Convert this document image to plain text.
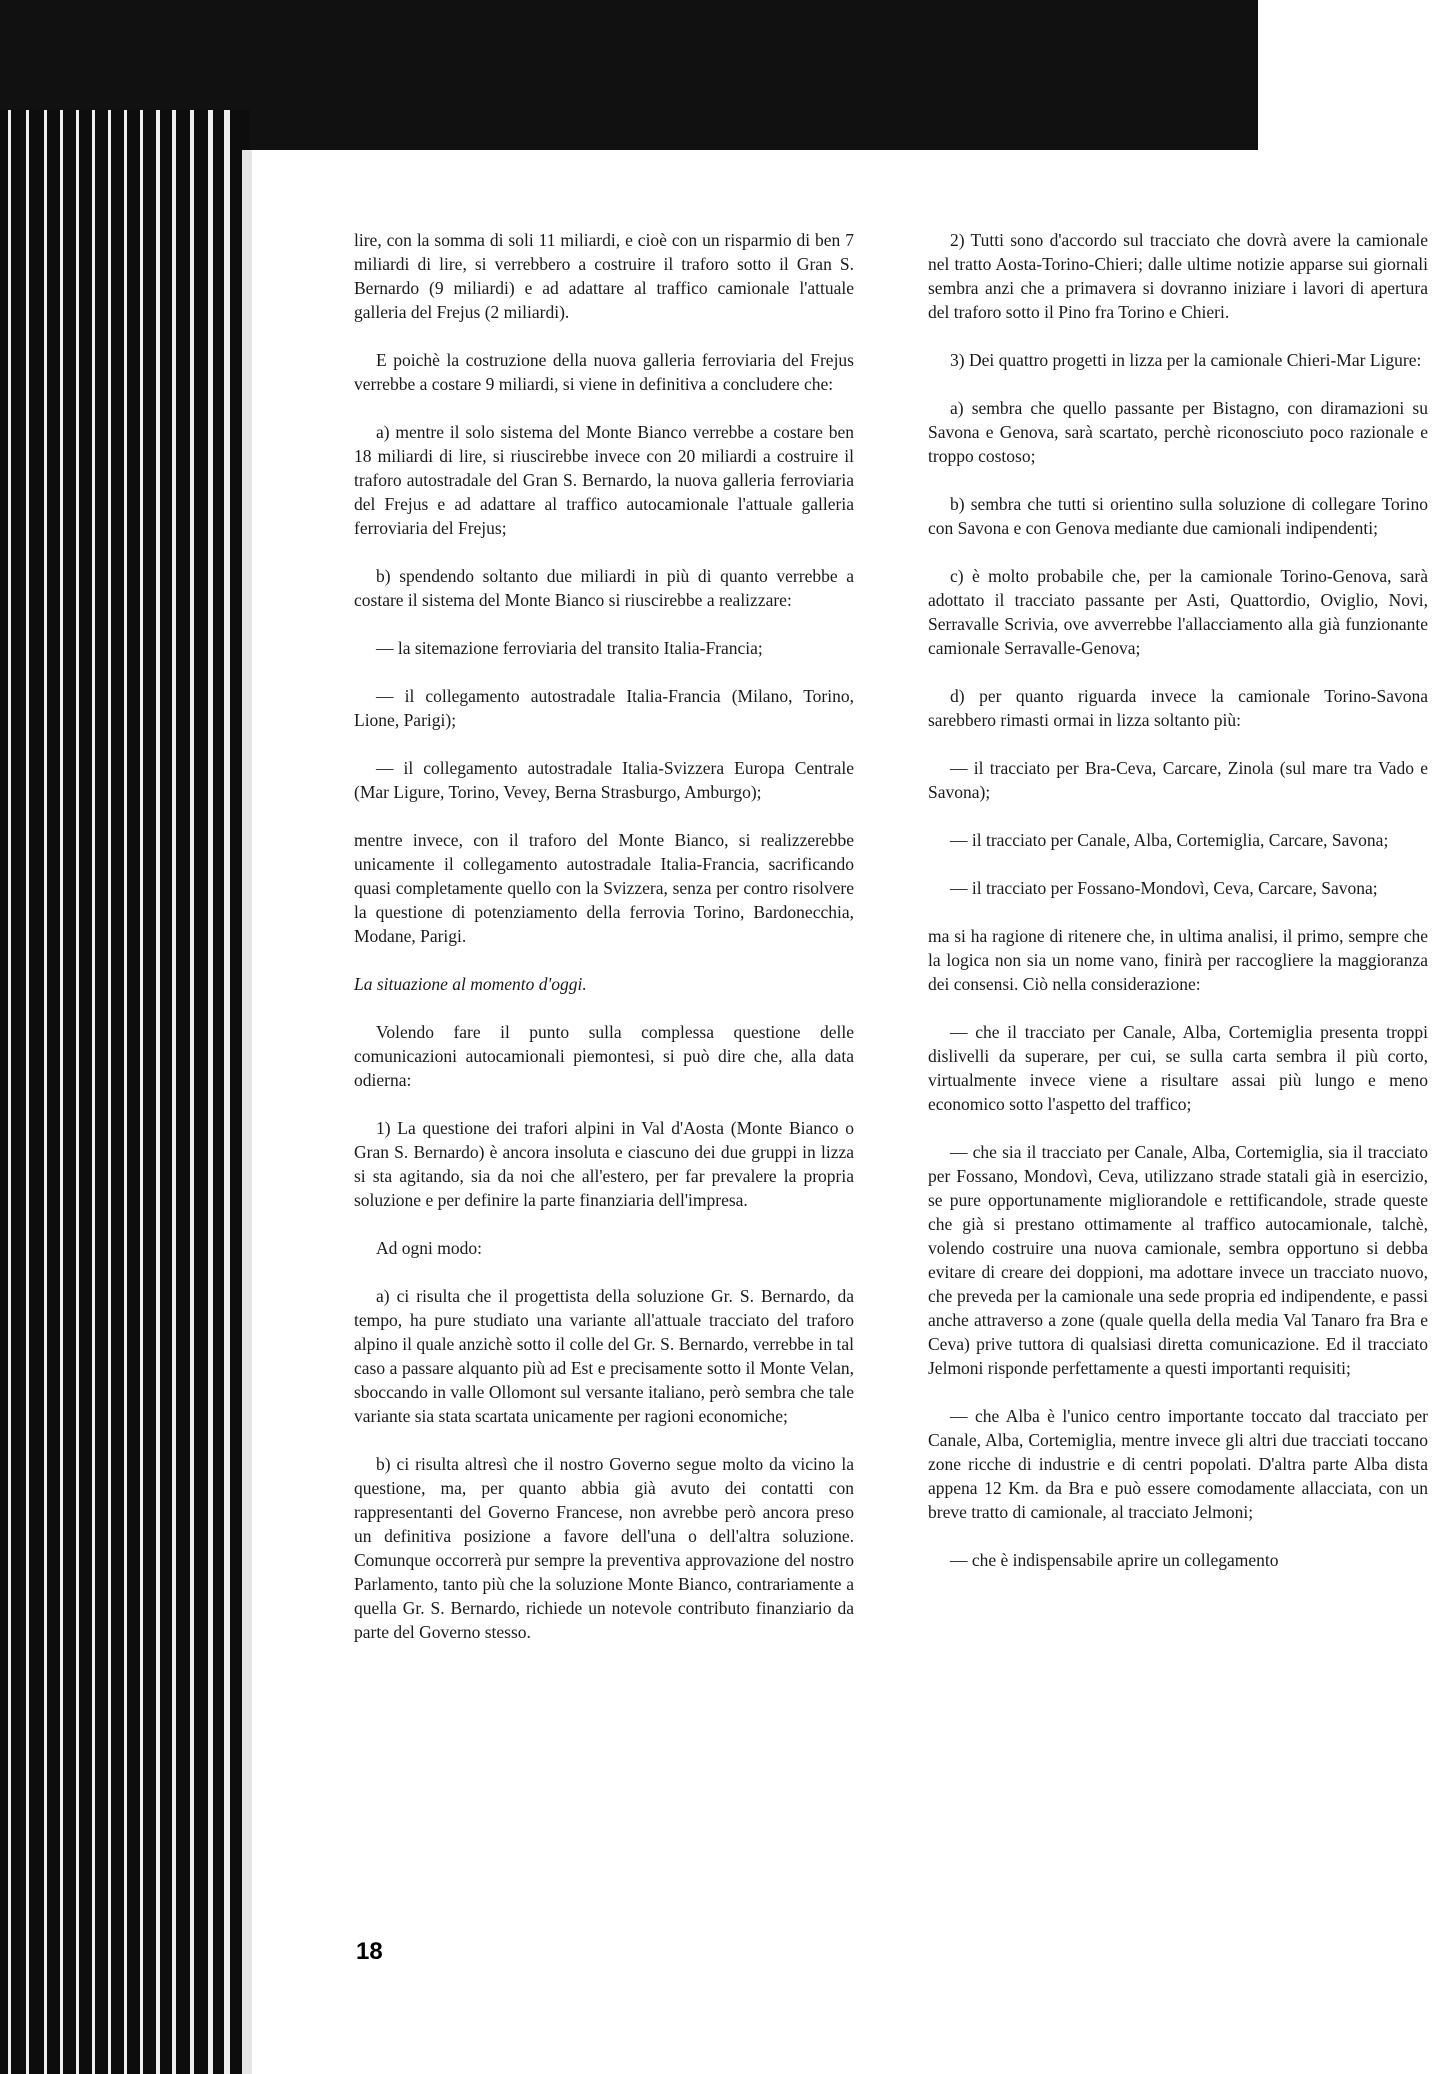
lire, con la somma di soli 11 miliardi, e cioè con un risparmio di ben 7 miliardi di lire, si verrebbero a costruire il traforo sotto il Gran S. Bernardo (9 miliardi) e ad adattare al traffico camionale l'attuale galleria del Frejus (2 miliardi).

E poichè la costruzione della nuova galleria ferroviaria del Frejus verrebbe a costare 9 miliardi, si viene in definitiva a concludere che:

a) mentre il solo sistema del Monte Bianco verrebbe a costare ben 18 miliardi di lire, si riuscirebbe invece con 20 miliardi a costruire il traforo autostradale del Gran S. Bernardo, la nuova galleria ferroviaria del Frejus e ad adattare al traffico autocamionale l'attuale galleria ferroviaria del Frejus;

b) spendendo soltanto due miliardi in più di quanto verrebbe a costare il sistema del Monte Bianco si riuscirebbe a realizzare:

— la sitemazione ferroviaria del transito Italia-Francia;

— il collegamento autostradale Italia-Francia (Milano, Torino, Lione, Parigi);

— il collegamento autostradale Italia-Svizzera Europa Centrale (Mar Ligure, Torino, Vevey, Berna Strasburgo, Amburgo);

mentre invece, con il traforo del Monte Bianco, si realizzerebbe unicamente il collegamento autostradale Italia-Francia, sacrificando quasi completamente quello con la Svizzera, senza per contro risolvere la questione di potenziamento della ferrovia Torino, Bardonecchia, Modane, Parigi.

La situazione al momento d'oggi.

Volendo fare il punto sulla complessa questione delle comunicazioni autocamionali piemontesi, si può dire che, alla data odierna:

1) La questione dei trafori alpini in Val d'Aosta (Monte Bianco o Gran S. Bernardo) è ancora insoluta e ciascuno dei due gruppi in lizza si sta agitando, sia da noi che all'estero, per far prevalere la propria soluzione e per definire la parte finanziaria dell'impresa.

Ad ogni modo:

a) ci risulta che il progettista della soluzione Gr. S. Bernardo, da tempo, ha pure studiato una variante all'attuale tracciato del traforo alpino il quale anzichè sotto il colle del Gr. S. Bernardo, verrebbe in tal caso a passare alquanto più ad Est e precisamente sotto il Monte Velan, sboccando in valle Ollomont sul versante italiano, però sembra che tale variante sia stata scartata unicamente per ragioni economiche;

b) ci risulta altresì che il nostro Governo segue molto da vicino la questione, ma, per quanto abbia già avuto dei contatti con rappresentanti del Governo Francese, non avrebbe però ancora preso un definitiva posizione a favore dell'una o dell'altra soluzione. Comunque occorrerà pur sempre la preventiva approvazione del nostro Parlamento, tanto più che la soluzione Monte Bianco, contrariamente a quella Gr. S. Bernardo, richiede un notevole contributo finanziario da parte del Governo stesso.

2) Tutti sono d'accordo sul tracciato che dovrà avere la camionale nel tratto Aosta-Torino-Chieri; dalle ultime notizie apparse sui giornali sembra anzi che a primavera si dovranno iniziare i lavori di apertura del traforo sotto il Pino fra Torino e Chieri.

3) Dei quattro progetti in lizza per la camionale Chieri-Mar Ligure:

a) sembra che quello passante per Bistagno, con diramazioni su Savona e Genova, sarà scartato, perchè riconosciuto poco razionale e troppo costoso;

b) sembra che tutti si orientino sulla soluzione di collegare Torino con Savona e con Genova mediante due camionali indipendenti;

c) è molto probabile che, per la camionale Torino-Genova, sarà adottato il tracciato passante per Asti, Quattordio, Oviglio, Novi, Serravalle Scrivia, ove avverrebbe l'allacciamento alla già funzionante camionale Serravalle-Genova;

d) per quanto riguarda invece la camionale Torino-Savona sarebbero rimasti ormai in lizza soltanto più:

— il tracciato per Bra-Ceva, Carcare, Zinola (sul mare tra Vado e Savona);

— il tracciato per Canale, Alba, Cortemiglia, Carcare, Savona;

— il tracciato per Fossano-Mondovì, Ceva, Carcare, Savona;

ma si ha ragione di ritenere che, in ultima analisi, il primo, sempre che la logica non sia un nome vano, finirà per raccogliere la maggioranza dei consensi. Ciò nella considerazione:

— che il tracciato per Canale, Alba, Cortemiglia presenta troppi dislivelli da superare, per cui, se sulla carta sembra il più corto, virtualmente invece viene a risultare assai più lungo e meno economico sotto l'aspetto del traffico;

— che sia il tracciato per Canale, Alba, Cortemiglia, sia il tracciato per Fossano, Mondovì, Ceva, utilizzano strade statali già in esercizio, se pure opportunamente migliorandole e rettificandole, strade queste che già si prestano ottimamente al traffico autocamionale, talchè, volendo costruire una nuova camionale, sembra opportuno si debba evitare di creare dei doppioni, ma adottare invece un tracciato nuovo, che preveda per la camionale una sede propria ed indipendente, e passi anche attraverso a zone (quale quella della media Val Tanaro fra Bra e Ceva) prive tuttora di qualsiasi diretta comunicazione. Ed il tracciato Jelmoni risponde perfettamente a questi importanti requisiti;

— che Alba è l'unico centro importante toccato dal tracciato per Canale, Alba, Cortemiglia, mentre invece gli altri due tracciati toccano zone ricche di industrie e di centri popolati. D'altra parte Alba dista appena 12 Km. da Bra e può essere comodamente allacciata, con un breve tratto di camionale, al tracciato Jelmoni;

— che è indispensabile aprire un collegamento

18
